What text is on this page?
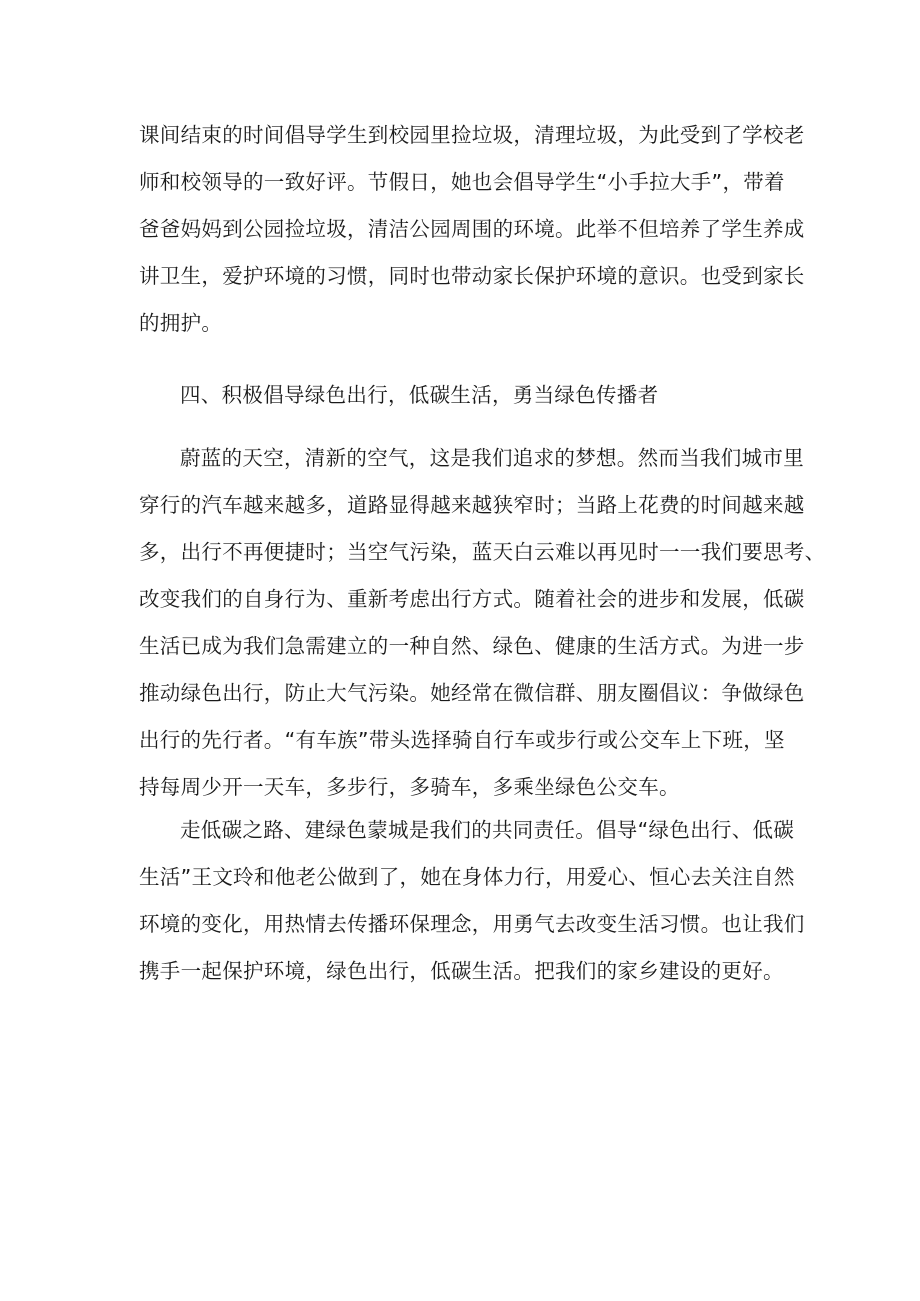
课间结束的时间倡导学生到校园里捡垃圾，清理垃圾，为此受到了学校老
师和校领导的一致好评。节假日，她也会倡导学生“小手拉大手”，带着
爸爸妈妈到公园捡垃圾，清洁公园周围的环境。此举不但培养了学生养成
讲卫生，爱护环境的习惯，同时也带动家长保护环境的意识。也受到家长
的拥护。
四、积极倡导绿色出行，低碳生活，勇当绿色传播者
蔚蓝的天空，清新的空气，这是我们追求的梦想。然而当我们城市里
穿行的汽车越来越多，道路显得越来越狭窄时；当路上花费的时间越来越
多，出行不再便捷时；当空气污染，蓝天白云难以再见时一一我们要思考、
改变我们的自身行为、重新考虑出行方式。随着社会的进步和发展，低碳
生活已成为我们急需建立的一种自然、绿色、健康的生活方式。为进一步
推动绿色出行，防止大气污染。她经常在微信群、朋友圈倡议：争做绿色
出行的先行者。“有车族”带头选择骑自行车或步行或公交车上下班，坚
持每周少开一天车，多步行，多骑车，多乘坐绿色公交车。
走低碳之路、建绿色蒙城是我们的共同责任。倡导“绿色出行、低碳
生活”王文玲和他老公做到了，她在身体力行，用爱心、恒心去关注自然
环境的变化，用热情去传播环保理念，用勇气去改变生活习惯。也让我们
携手一起保护环境，绿色出行，低碳生活。把我们的家乡建设的更好。
